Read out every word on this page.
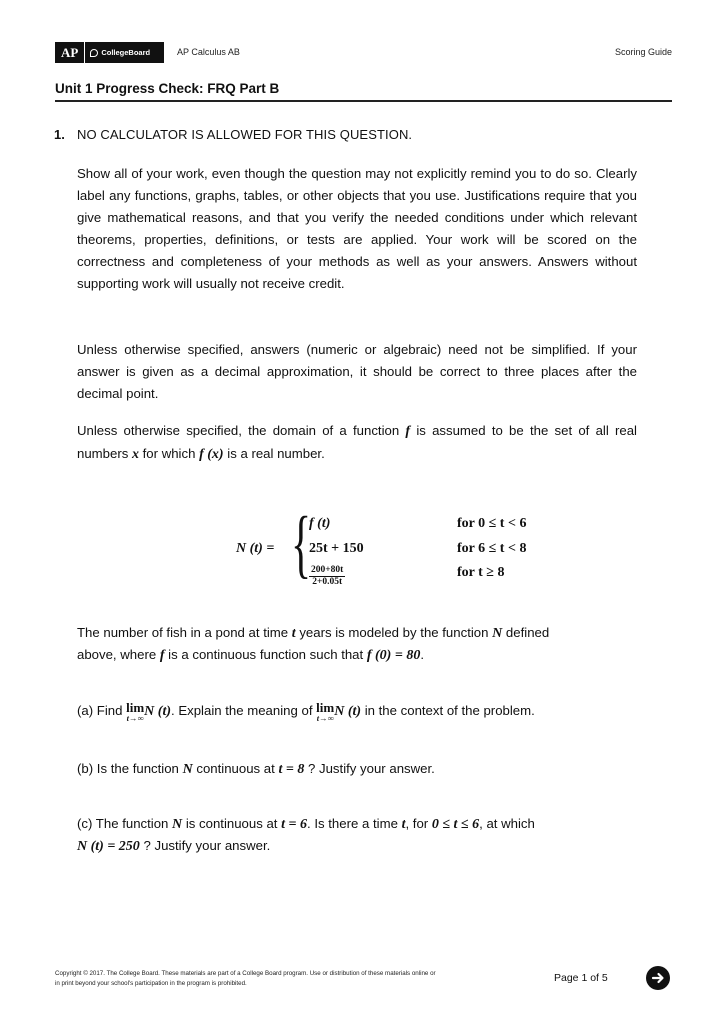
AP	CollegeBoard	AP Calculus AB	Scoring Guide
Unit 1 Progress Check: FRQ Part B
1. NO CALCULATOR IS ALLOWED FOR THIS QUESTION.

Show all of your work, even though the question may not explicitly remind you to do so. Clearly label any functions, graphs, tables, or other objects that you use. Justifications require that you give mathematical reasons, and that you verify the needed conditions under which relevant theorems, properties, definitions, or tests are applied. Your work will be scored on the correctness and completeness of your methods as well as your answers. Answers without supporting work will usually not receive credit.

Unless otherwise specified, answers (numeric or algebraic) need not be simplified. If your answer is given as a decimal approximation, it should be correct to three places after the decimal point.

Unless otherwise specified, the domain of a function f is assumed to be the set of all real numbers x for which f (x) is a real number.

N (t) = {
f (t)	for 0 ≤ t < 6
25t + 150	for 6 ≤ t < 8
$\frac{200+80t}{2+0.05t}$	for t ≥ 8

The number of fish in a pond at time t years is modeled by the function N defined

above, where f is a continuous function such that f (0) = 80.

(a) Find lim
t→∞ N (t). Explain the meaning of lim
t→∞ N (t) in the context of the problem.

(b) Is the function N continuous at t = 8 ? Justify your answer.

(c) The function N is continuous at t = 6. Is there a time t, for 0 ≤ t ≤ 6, at which

N (t) = 250 ? Justify your answer.

Copyright © 2017. The College Board. These materials are part of a College Board program. Use or distribution of these materials online or
in print beyond your school's participation in the program is prohibited.	Page 1 of 5
